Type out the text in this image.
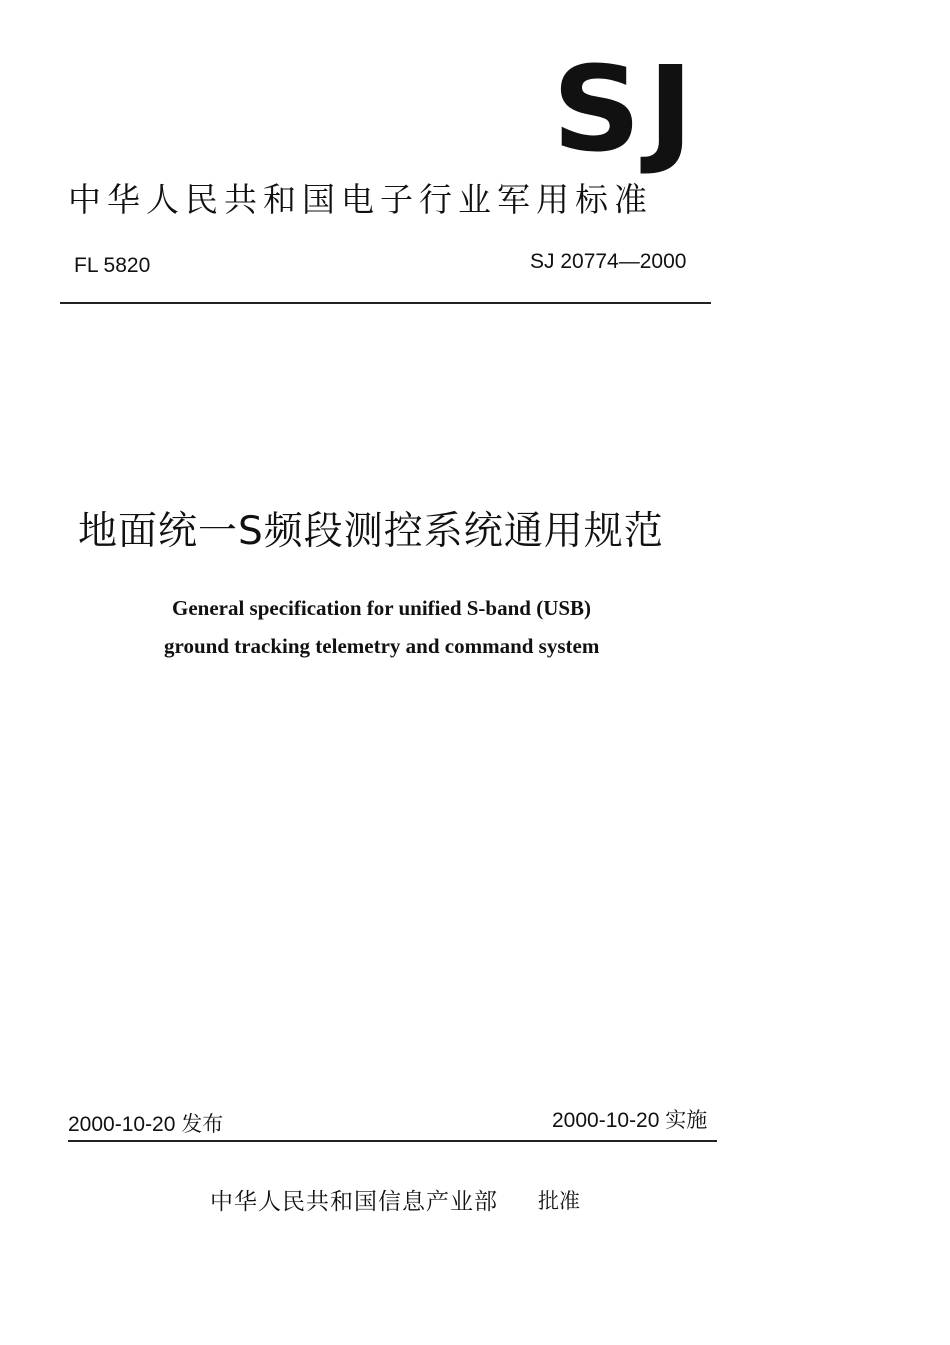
SJ
中华人民共和国电子行业军用标准
FL 5820	SJ 20774—2000
地面统一S频段测控系统通用规范
General specification for unified S-band (USB)
ground tracking telemetry and command system
2000-10-20 发布	2000-10-20 实施
中华人民共和国信息产业部 批准
